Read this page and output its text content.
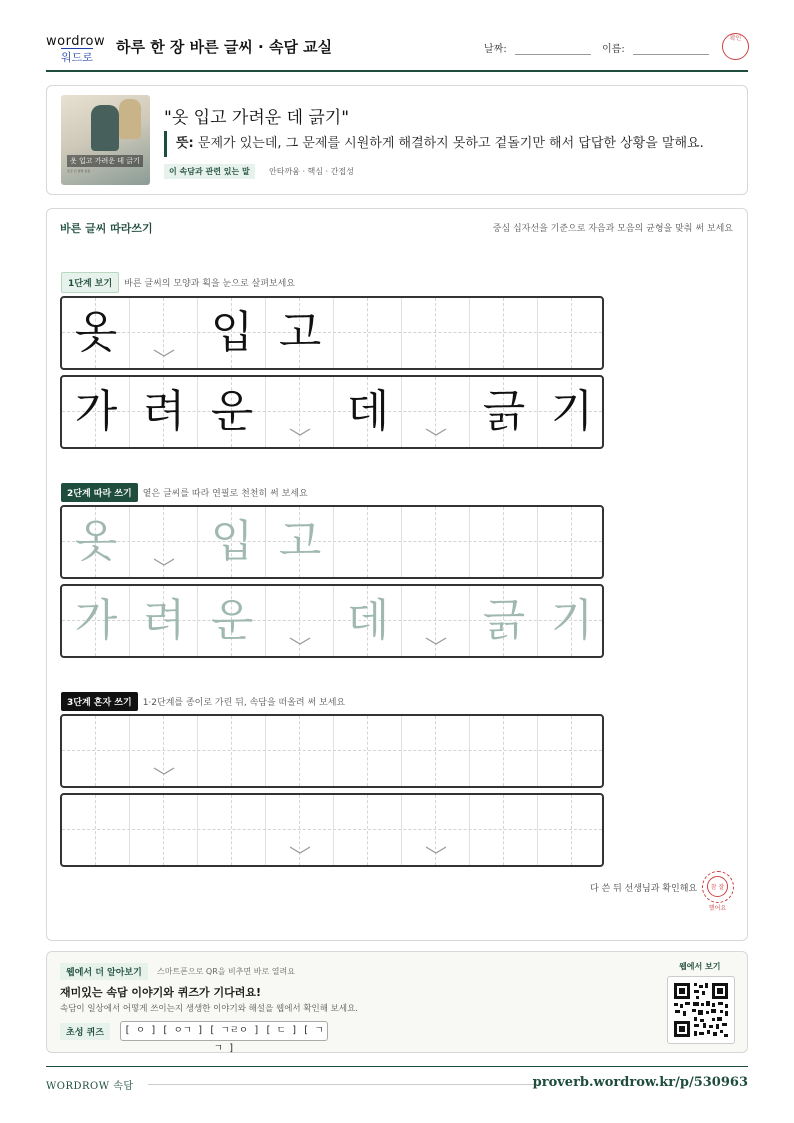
wordrow
워드로
하루 한 장 바른 글씨 · 속담 교실	날짜:	이름:
확인
옷 입고 가려운 데 긁기
조금 긴 설명 문장
"옷 입고 가려운 데 긁기"
뜻: 문제가 있는데, 그 문제를 시원하게 해결하지 못하고 겉돌기만 해서 답답한 상황을 말해요.
이 속담과 관련 있는 말	안타까움 · 핵심 · 간접성
바른 글씨 따라쓰기	중심 십자선을 기준으로 자음과 모음의 균형을 맞춰 써 보세요
1단계 보기 바른 글씨의 모양과 획을 눈으로 살펴보세요
2단계 따라 쓰기 옅은 글씨를 따라 연필로 천천히 써 보세요
3단계 혼자 쓰기 1·2단계를 종이로 가린 뒤, 속담을 떠올려 써 보세요
다 쓴 뒤 선생님과 확인해요	참 잘했어요
옷 입 고
가 려 운 데 긁 기
옷 입 고
가 려 운 데 긁 기
웹에서 더 알아보기	스마트폰으로 QR을 비추면 바로 열려요
재미있는 속담 이야기와 퀴즈가 기다려요!
속담이 일상에서 어떻게 쓰이는지 생생한 이야기와 해설을 웹에서 확인해 보세요.
초성 퀴즈	[ ㅇ ] [ ㅇㄱ ] [ ㄱㄹㅇ ] [ ㄷ ] [ ㄱㄱ ]
웹에서 보기
WORDROW 속담	proverb.wordrow.kr/p/530963
